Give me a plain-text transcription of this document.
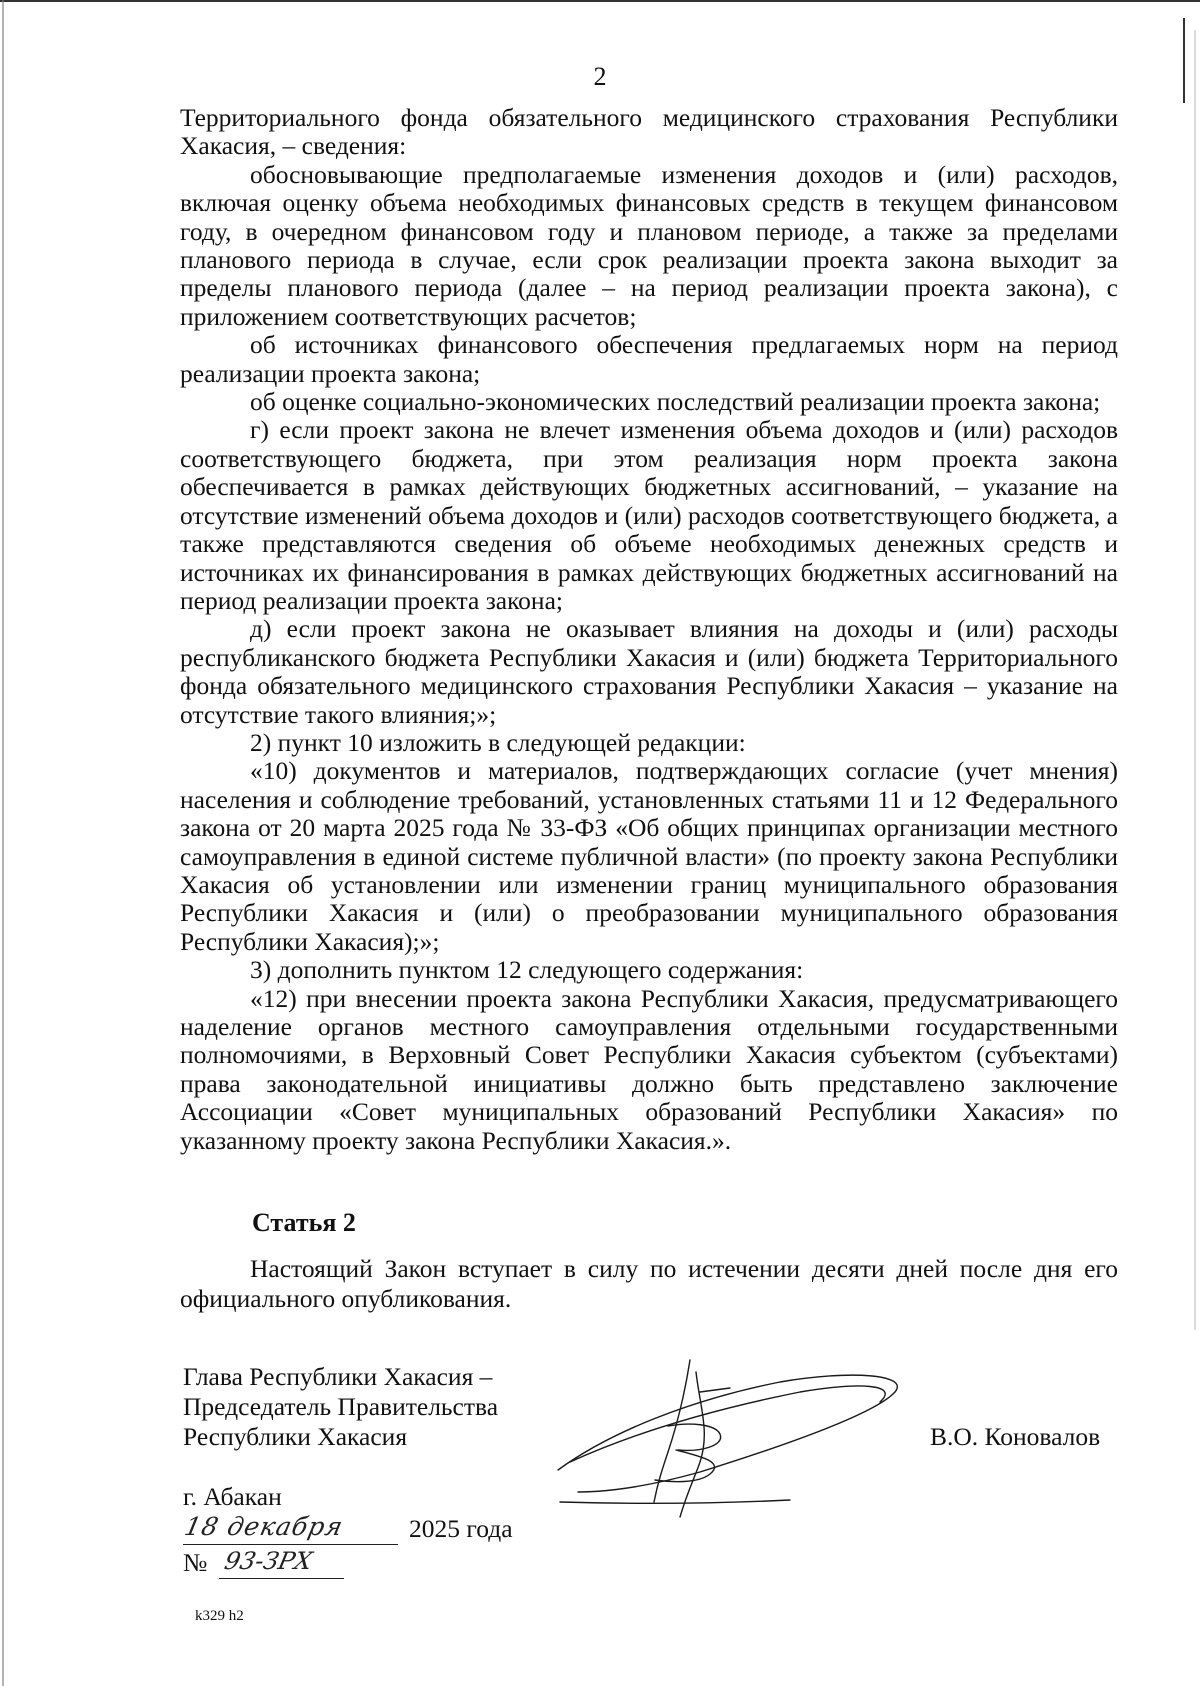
2

Территориального фонда обязательного медицинского страхования Республики Хакасия, – сведения:

обосновывающие предполагаемые изменения доходов и (или) расходов, включая оценку объема необходимых финансовых средств в текущем финансовом году, в очередном финансовом году и плановом периоде, а также за пределами планового периода в случае, если срок реализации проекта закона выходит за пределы планового периода (далее – на период реализации проекта закона), с приложением соответствующих расчетов;

об источниках финансового обеспечения предлагаемых норм на период реализации проекта закона;

об оценке социально-экономических последствий реализации проекта закона;

г) если проект закона не влечет изменения объема доходов и (или) расходов соответствующего бюджета, при этом реализация норм проекта закона обеспечивается в рамках действующих бюджетных ассигнований, – указание на отсутствие изменений объема доходов и (или) расходов соответствующего бюджета, а также представляются сведения об объеме необходимых денежных средств и источниках их финансирования в рамках действующих бюджетных ассигнований на период реализации проекта закона;

д) если проект закона не оказывает влияния на доходы и (или) расходы республиканского бюджета Республики Хакасия и (или) бюджета Территориального фонда обязательного медицинского страхования Республики Хакасия – указание на отсутствие такого влияния;»;

2) пункт 10 изложить в следующей редакции:

«10) документов и материалов, подтверждающих согласие (учет мнения) населения и соблюдение требований, установленных статьями 11 и 12 Федерального закона от 20 марта 2025 года № 33-ФЗ «Об общих принципах организации местного самоуправления в единой системе публичной власти» (по проекту закона Республики Хакасия об установлении или изменении границ муниципального образования Республики Хакасия и (или) о преобразовании муниципального образования Республики Хакасия);»;

3) дополнить пунктом 12 следующего содержания:

«12) при внесении проекта закона Республики Хакасия, предусматривающего наделение органов местного самоуправления отдельными государственными полномочиями, в Верховный Совет Республики Хакасия субъектом (субъектами) права законодательной инициативы должно быть представлено заключение Ассоциации «Совет муниципальных образований Республики Хакасия» по указанному проекту закона Республики Хакасия.».

Статья 2

Настоящий Закон вступает в силу по истечении десяти дней после дня его официального опубликования.

Глава Республики Хакасия –
Председатель Правительства
Республики Хакасия	В.О. Коновалов
г. Абакан
18 декабря	2025 года
№ 93-ЗРХ
k329 h2
